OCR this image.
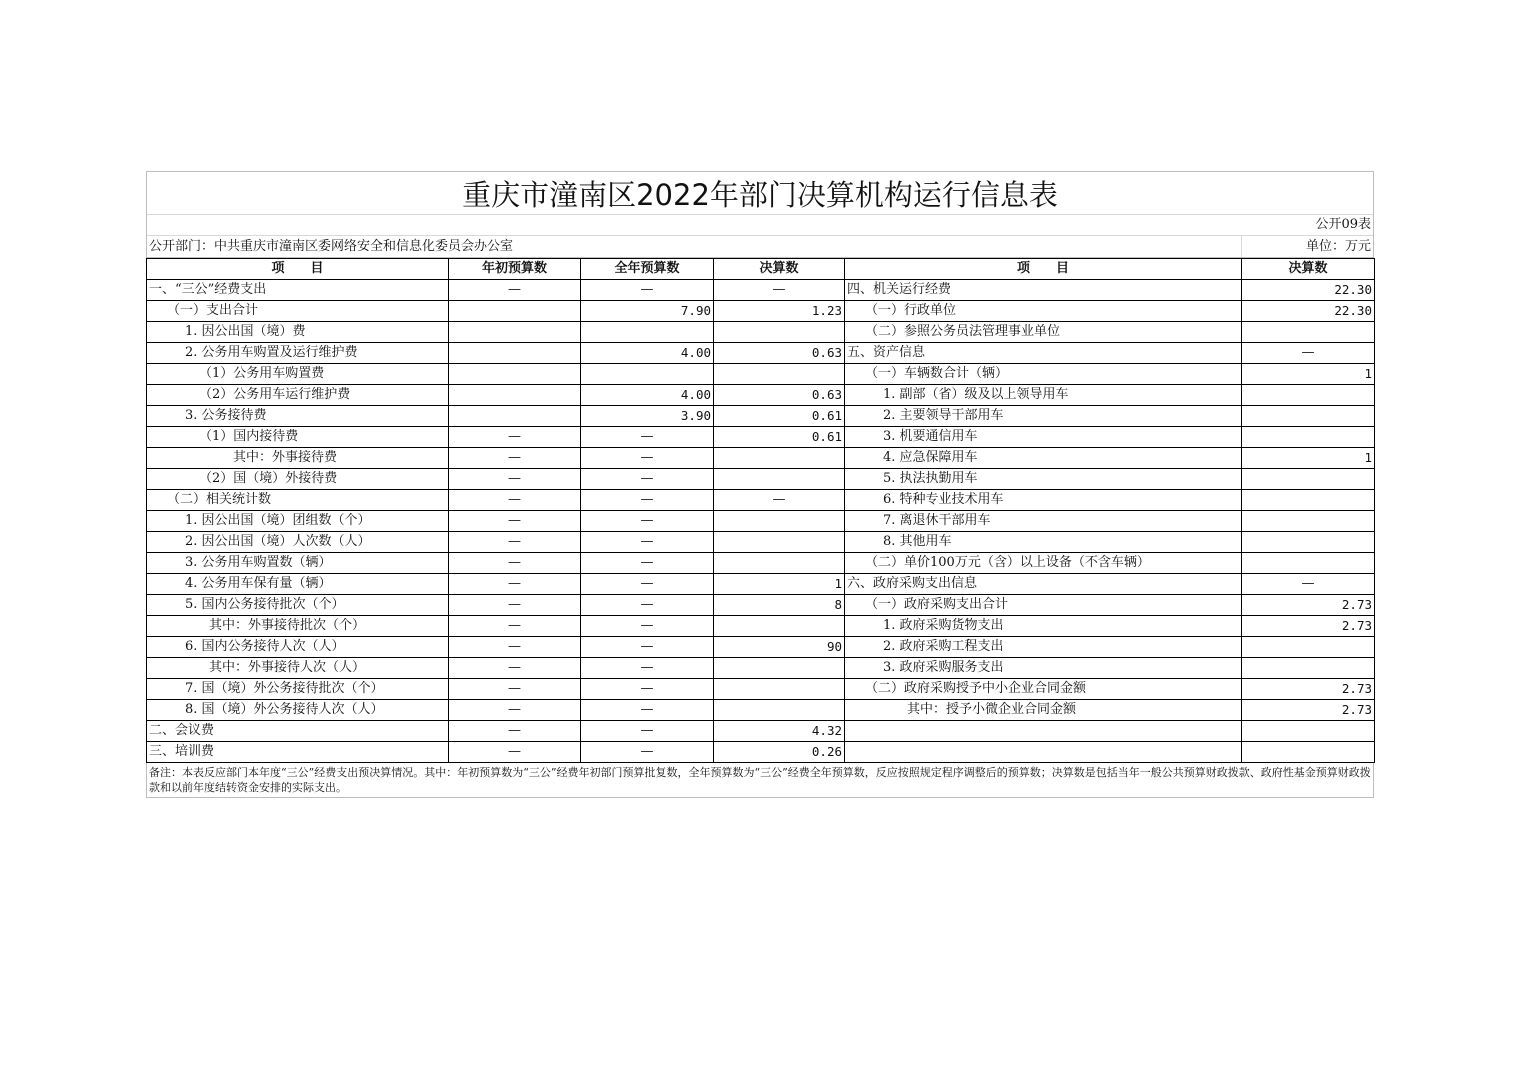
重庆市潼南区2022年部门决算机构运行信息表
公开09表
公开部门：中共重庆市潼南区委网络安全和信息化委员会办公室	单位：万元
项　　目	年初预算数	全年预算数	决算数	项　　目	决算数
一、“三公”经费支出	—	—	—	四、机关运行经费	22.30
（一）支出合计		7.90	1.23	（一）行政单位	22.30
1. 因公出国（境）费				（二）参照公务员法管理事业单位	
2. 公务用车购置及运行维护费		4.00	0.63	五、资产信息	—
（1）公务用车购置费				（一）车辆数合计（辆）	1
（2）公务用车运行维护费		4.00	0.63	1. 副部（省）级及以上领导用车	
3. 公务接待费		3.90	0.61	2. 主要领导干部用车	
（1）国内接待费	—	—	0.61	3. 机要通信用车	
其中：外事接待费	—	—		4. 应急保障用车	1
（2）国（境）外接待费	—	—		5. 执法执勤用车	
（二）相关统计数	—	—	—	6. 特种专业技术用车	
1. 因公出国（境）团组数（个）	—	—		7. 离退休干部用车	
2. 因公出国（境）人次数（人）	—	—		8. 其他用车	
3. 公务用车购置数（辆）	—	—		（二）单价100万元（含）以上设备（不含车辆）	
4. 公务用车保有量（辆）	—	—	1	六、政府采购支出信息	—
5. 国内公务接待批次（个）	—	—	8	（一）政府采购支出合计	2.73
其中：外事接待批次（个）	—	—		1. 政府采购货物支出	2.73
6. 国内公务接待人次（人）	—	—	90	2. 政府采购工程支出	
其中：外事接待人次（人）	—	—		3. 政府采购服务支出	
7. 国（境）外公务接待批次（个）	—	—		（二）政府采购授予中小企业合同金额	2.73
8. 国（境）外公务接待人次（人）	—	—		其中：授予小微企业合同金额	2.73
二、会议费	—	—	4.32		
三、培训费	—	—	0.26		
备注：本表反应部门本年度“三公”经费支出预决算情况。其中：年初预算数为“三公”经费年初部门预算批复数，全年预算数为“三公”经费全年预算数，反应按照规定程序调整后的预算数；决算数是包括当年一般公共预算财政拨款、政府性基金预算财政拨款和以前年度结转资金安排的实际支出。
